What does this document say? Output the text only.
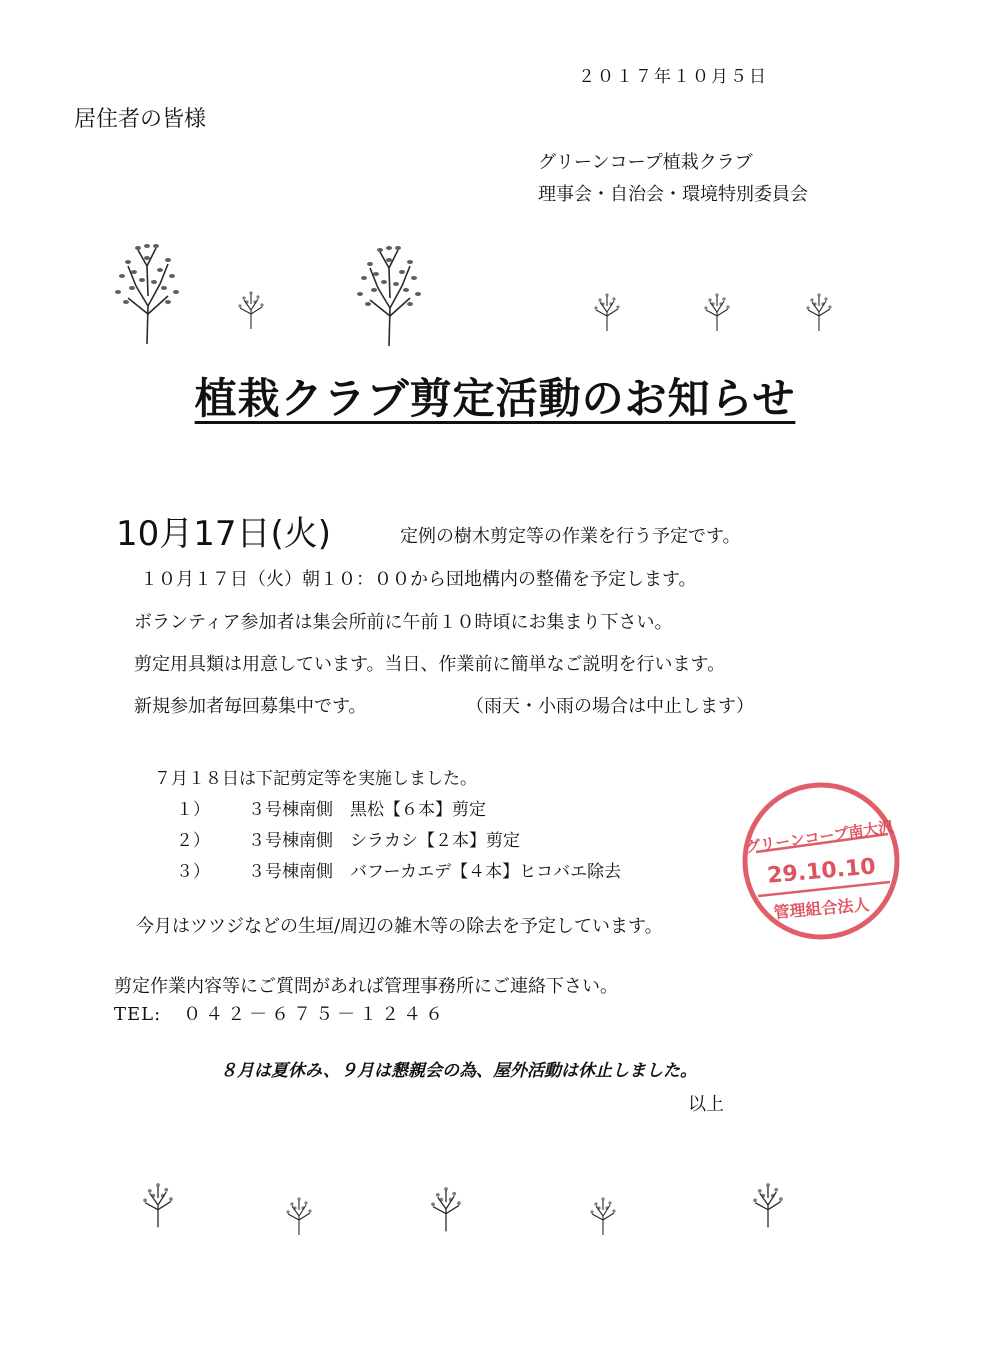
２０１７年１０月５日
居住者の皆様
グリーンコープ植栽クラブ
理事会・自治会・環境特別委員会
植栽クラブ剪定活動のお知らせ
10月17日(火)	定例の樹木剪定等の作業を行う予定です。
１０月１７日（火）朝１０：００から団地構内の整備を予定します。
ボランティア参加者は集会所前に午前１０時頃にお集まり下さい。
剪定用具類は用意しています。当日、作業前に簡単なご説明を行います。
新規参加者毎回募集中です。	（雨天・小雨の場合は中止します）
７月１８日は下記剪定等を実施しました。
１） ３号棟南側　黒松【６本】剪定
２） ３号棟南側　シラカシ【２本】剪定
３） ３号棟南側　バフーカエデ【４本】ヒコバエ除去
グリーンコープ南大沢
29.10.10
管理組合法人
今月はツツジなどの生垣/周辺の雑木等の除去を予定しています。
剪定作業内容等にご質問があれば管理事務所にご連絡下さい。
TEL: ０４２－６７５－１２４６
８月は夏休み、９月は懇親会の為、屋外活動は休止しました。
以上
